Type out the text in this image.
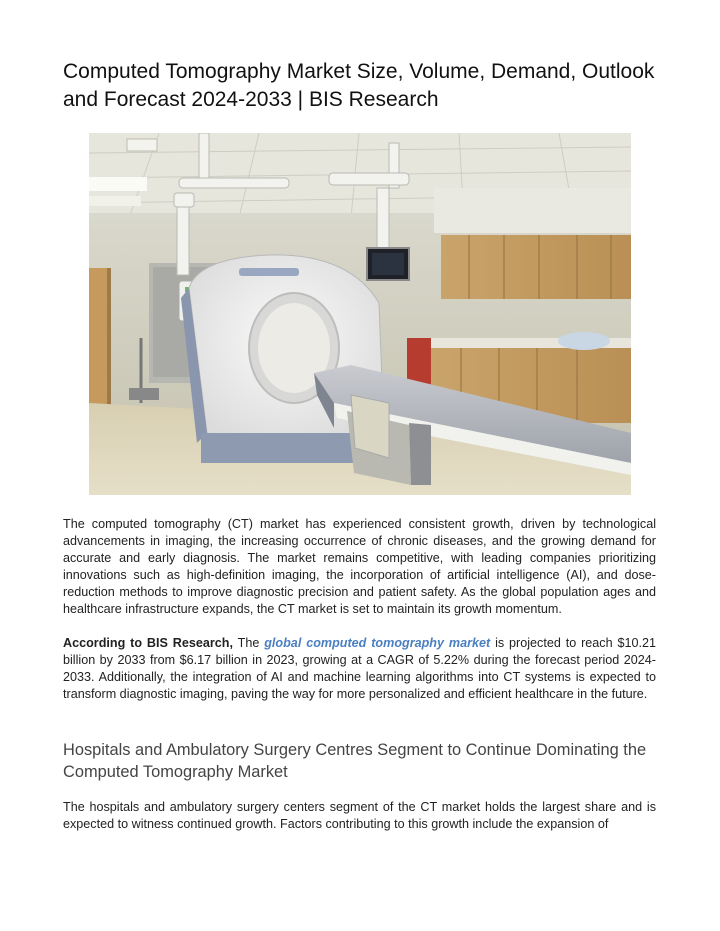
Computed Tomography Market Size, Volume, Demand, Outlook and Forecast 2024-2033 | BIS Research

The computed tomography (CT) market has experienced consistent growth, driven by technological advancements in imaging, the increasing occurrence of chronic diseases, and the growing demand for accurate and early diagnosis. The market remains competitive, with leading companies prioritizing innovations such as high-definition imaging, the incorporation of artificial intelligence (AI), and dose-reduction methods to improve diagnostic precision and patient safety. As the global population ages and healthcare infrastructure expands, the CT market is set to maintain its growth momentum.

According to BIS Research, The global computed tomography market is projected to reach $10.21 billion by 2033 from $6.17 billion in 2023, growing at a CAGR of 5.22% during the forecast period 2024-2033. Additionally, the integration of AI and machine learning algorithms into CT systems is expected to transform diagnostic imaging, paving the way for more personalized and efficient healthcare in the future.

Hospitals and Ambulatory Surgery Centres Segment to Continue Dominating the Computed Tomography Market

The hospitals and ambulatory surgery centers segment of the CT market holds the largest share and is expected to witness continued growth. Factors contributing to this growth include the expansion of
